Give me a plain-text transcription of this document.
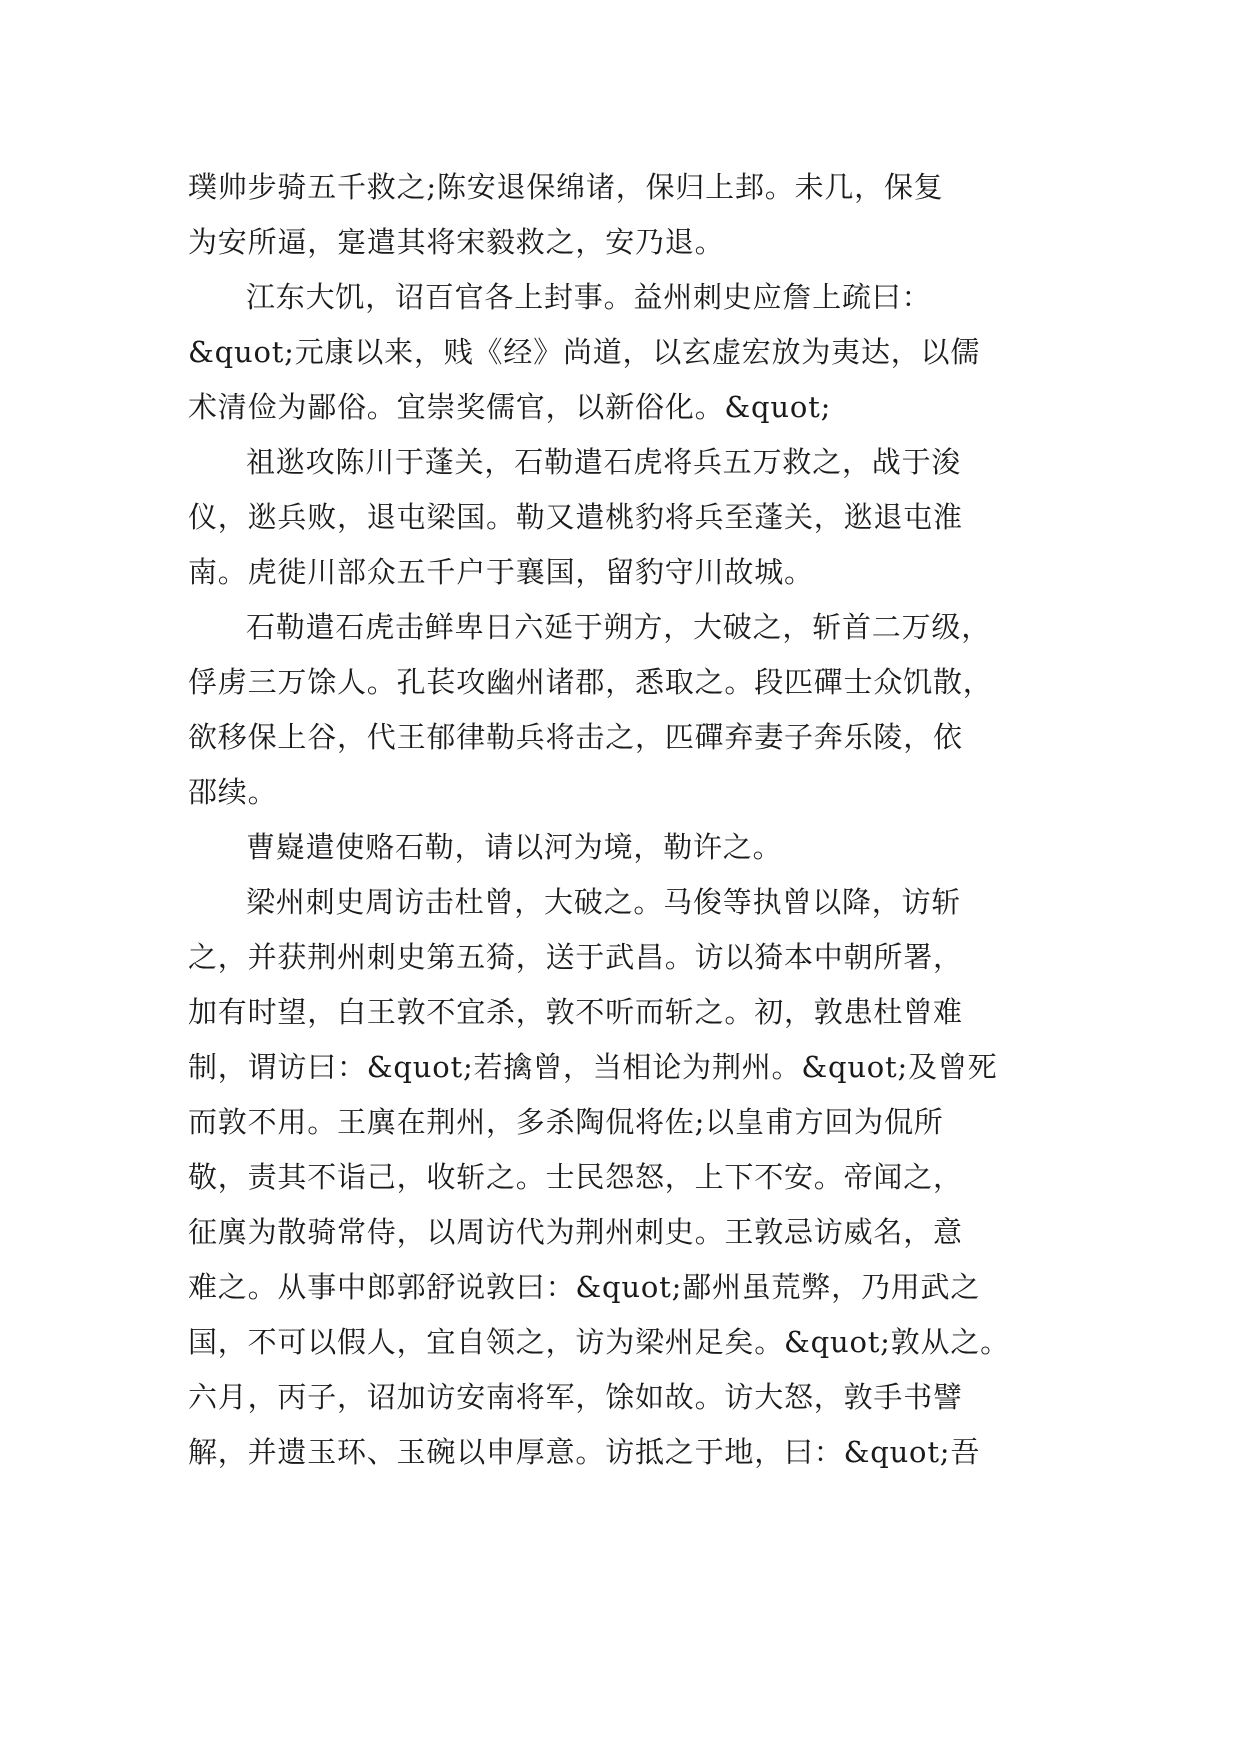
璞帅步骑五千救之;陈安退保绵诸，保归上邽。未几，保复
为安所逼，寔遣其将宋毅救之，安乃退。
江东大饥，诏百官各上封事。益州刺史应詹上疏曰：
&quot;元康以来，贱《经》尚道，以玄虚宏放为夷达，以儒
术清俭为鄙俗。宜崇奖儒官，以新俗化。&quot;
祖逖攻陈川于蓬关，石勒遣石虎将兵五万救之，战于浚
仪，逖兵败，退屯梁国。勒又遣桃豹将兵至蓬关，逖退屯淮
南。虎徙川部众五千户于襄国，留豹守川故城。
石勒遣石虎击鲜卑日六延于朔方，大破之，斩首二万级，
俘虏三万馀人。孔苌攻幽州诸郡，悉取之。段匹磾士众饥散，
欲移保上谷，代王郁律勒兵将击之，匹磾弃妻子奔乐陵，依
邵续。
曹嶷遣使赂石勒，请以河为境，勒许之。
梁州刺史周访击杜曾，大破之。马俊等执曾以降，访斩
之，并获荆州刺史第五猗，送于武昌。访以猗本中朝所署，
加有时望，白王敦不宜杀，敦不听而斩之。初，敦患杜曾难
制，谓访曰：&quot;若擒曾，当相论为荆州。&quot;及曾死
而敦不用。王廙在荆州，多杀陶侃将佐;以皇甫方回为侃所
敬，责其不诣己，收斩之。士民怨怒，上下不安。帝闻之，
征廙为散骑常侍，以周访代为荆州刺史。王敦忌访威名，意
难之。从事中郎郭舒说敦曰：&quot;鄙州虽荒弊，乃用武之
国，不可以假人，宜自领之，访为梁州足矣。&quot;敦从之。
六月，丙子，诏加访安南将军，馀如故。访大怒，敦手书譬
解，并遗玉环、玉碗以申厚意。访抵之于地，曰：&quot;吾
